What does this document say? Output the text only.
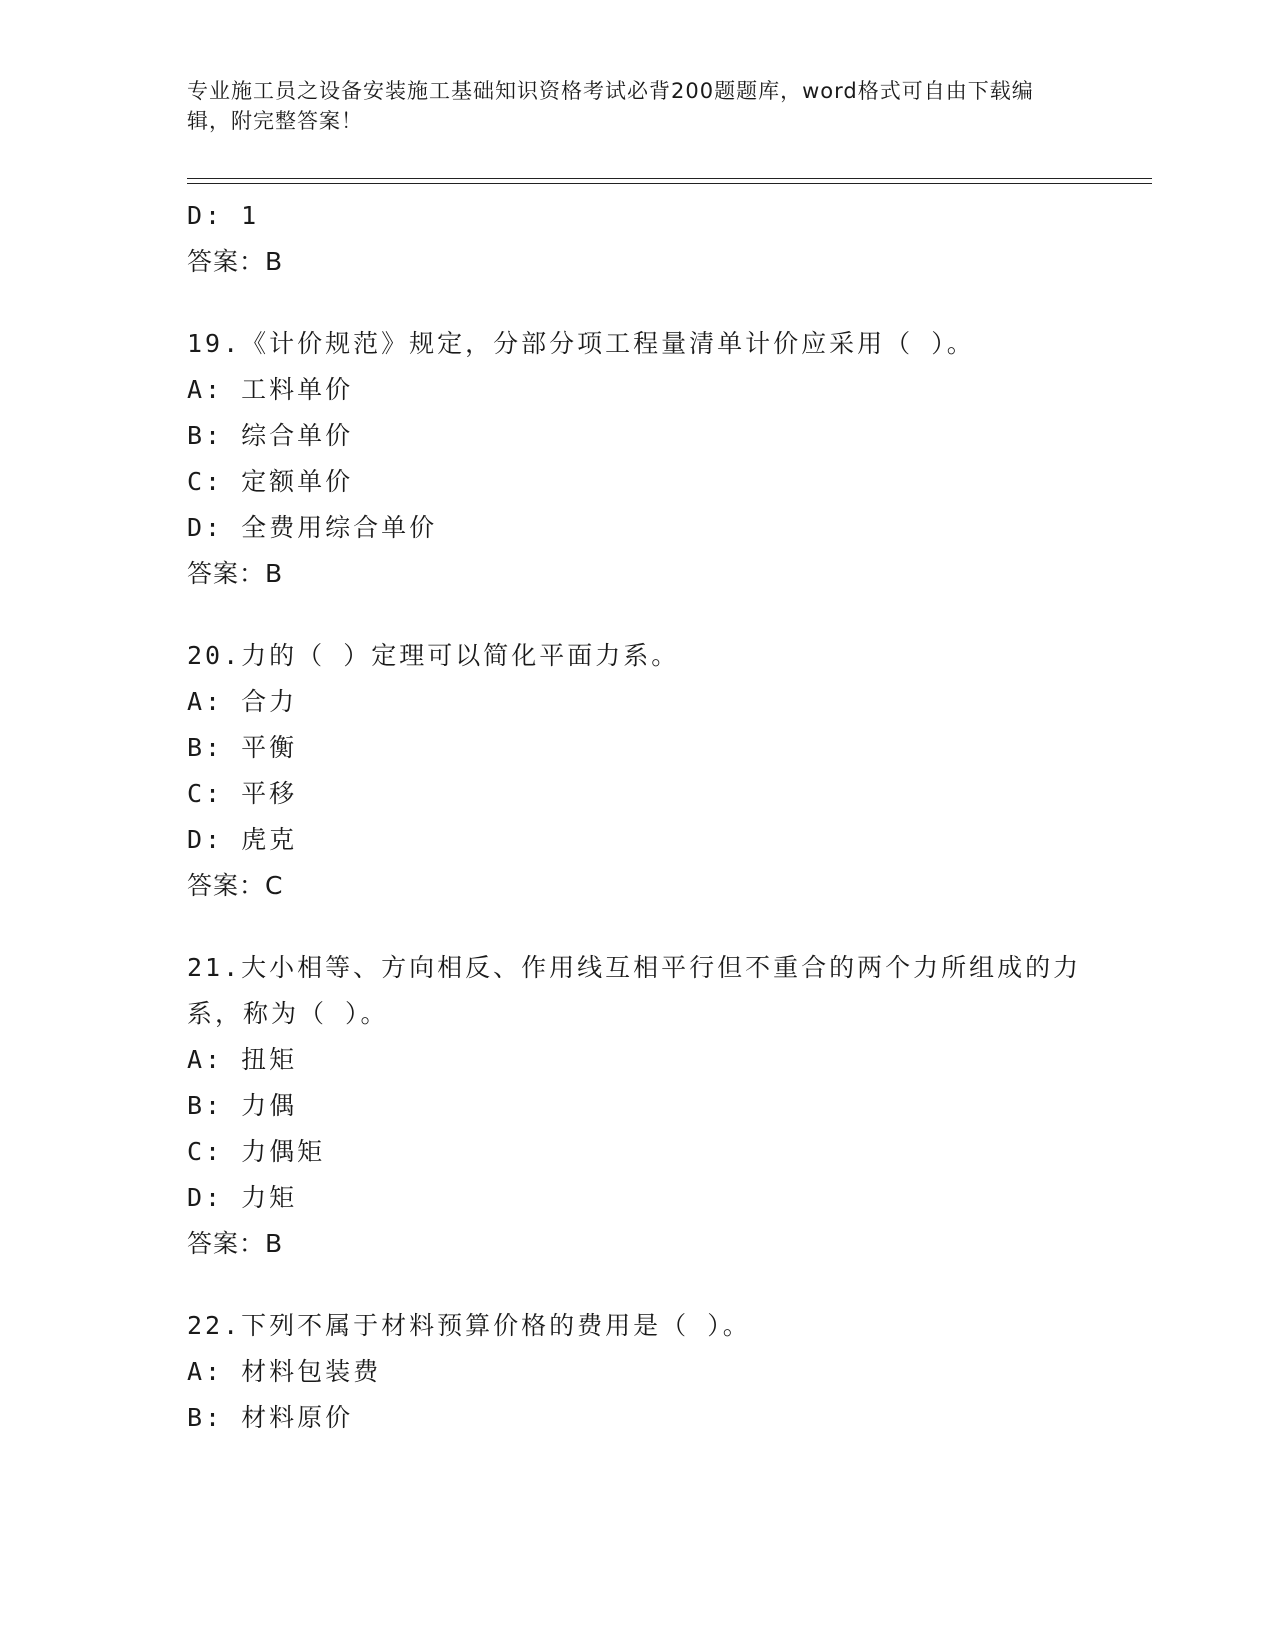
专业施工员之设备安装施工基础知识资格考试必背200题题库，word格式可自由下载编辑，附完整答案！
D: 1
答案：B
19.《计价规范》规定，分部分项工程量清单计价应采用（ ）。
A: 工料单价
B: 综合单价
C: 定额单价
D: 全费用综合单价
答案：B
20.力的（ ）定理可以简化平面力系。
A: 合力
B: 平衡
C: 平移
D: 虎克
答案：C
21.大小相等、方向相反、作用线互相平行但不重合的两个力所组成的力系，称为（ ）。
A: 扭矩
B: 力偶
C: 力偶矩
D: 力矩
答案：B
22.下列不属于材料预算价格的费用是（ ）。
A: 材料包装费
B: 材料原价
